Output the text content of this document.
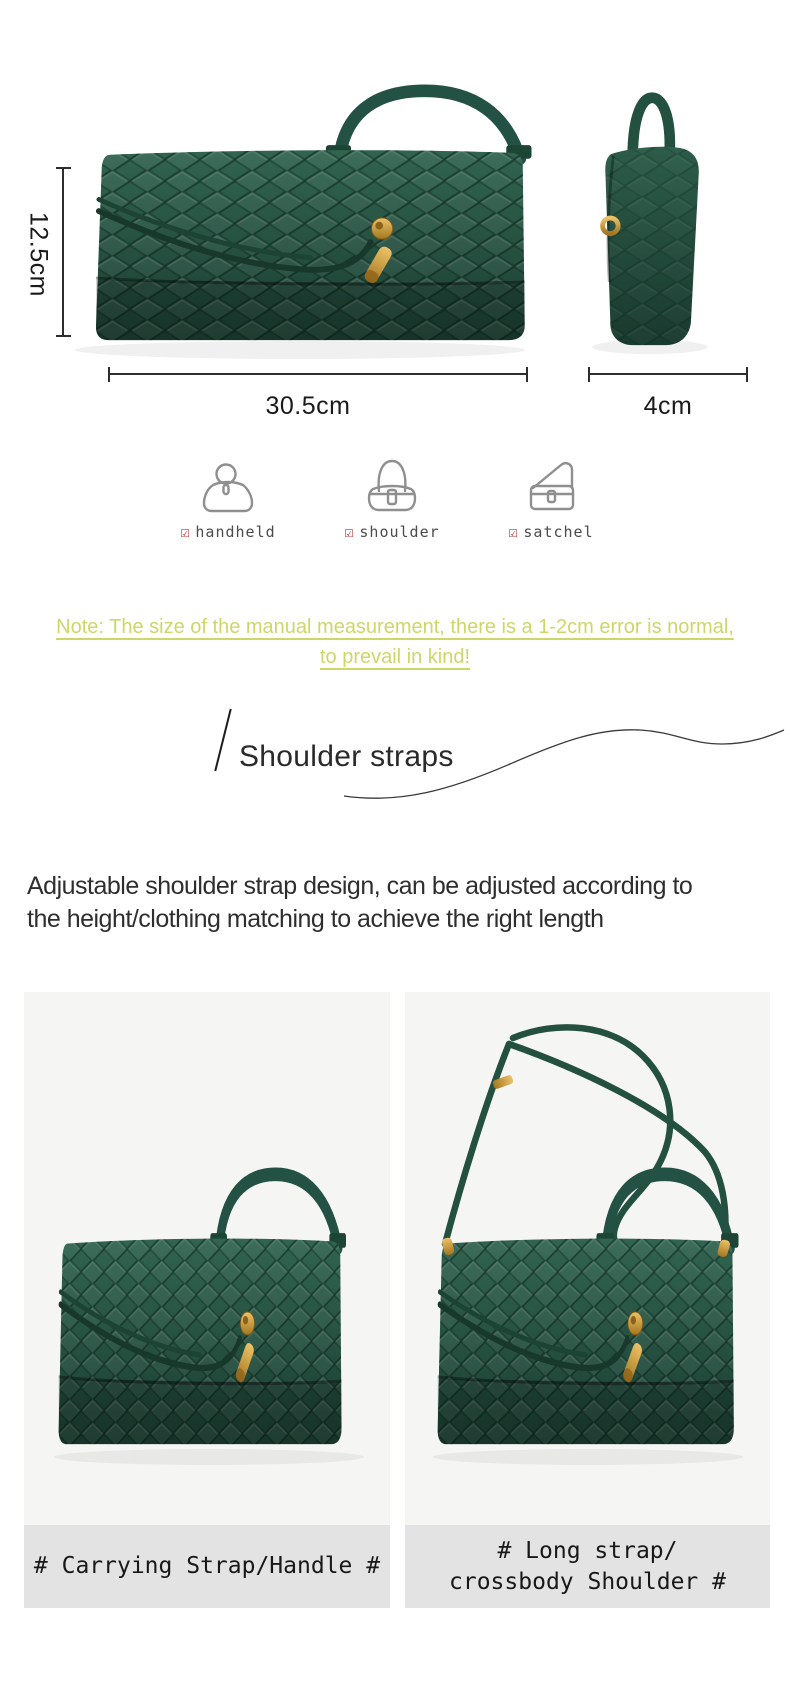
12.5cm
30.5cm	4cm
☑ handheld	☑ shoulder	☑ satchel
Note: The size of the manual measurement, there is a 1-2cm error is normal,
to prevail in kind!
Shoulder straps
Adjustable shoulder strap design, can be adjusted according to
the height/clothing matching to achieve the right length
# Carrying Strap/Handle #
# Long strap/
crossbody Shoulder #
